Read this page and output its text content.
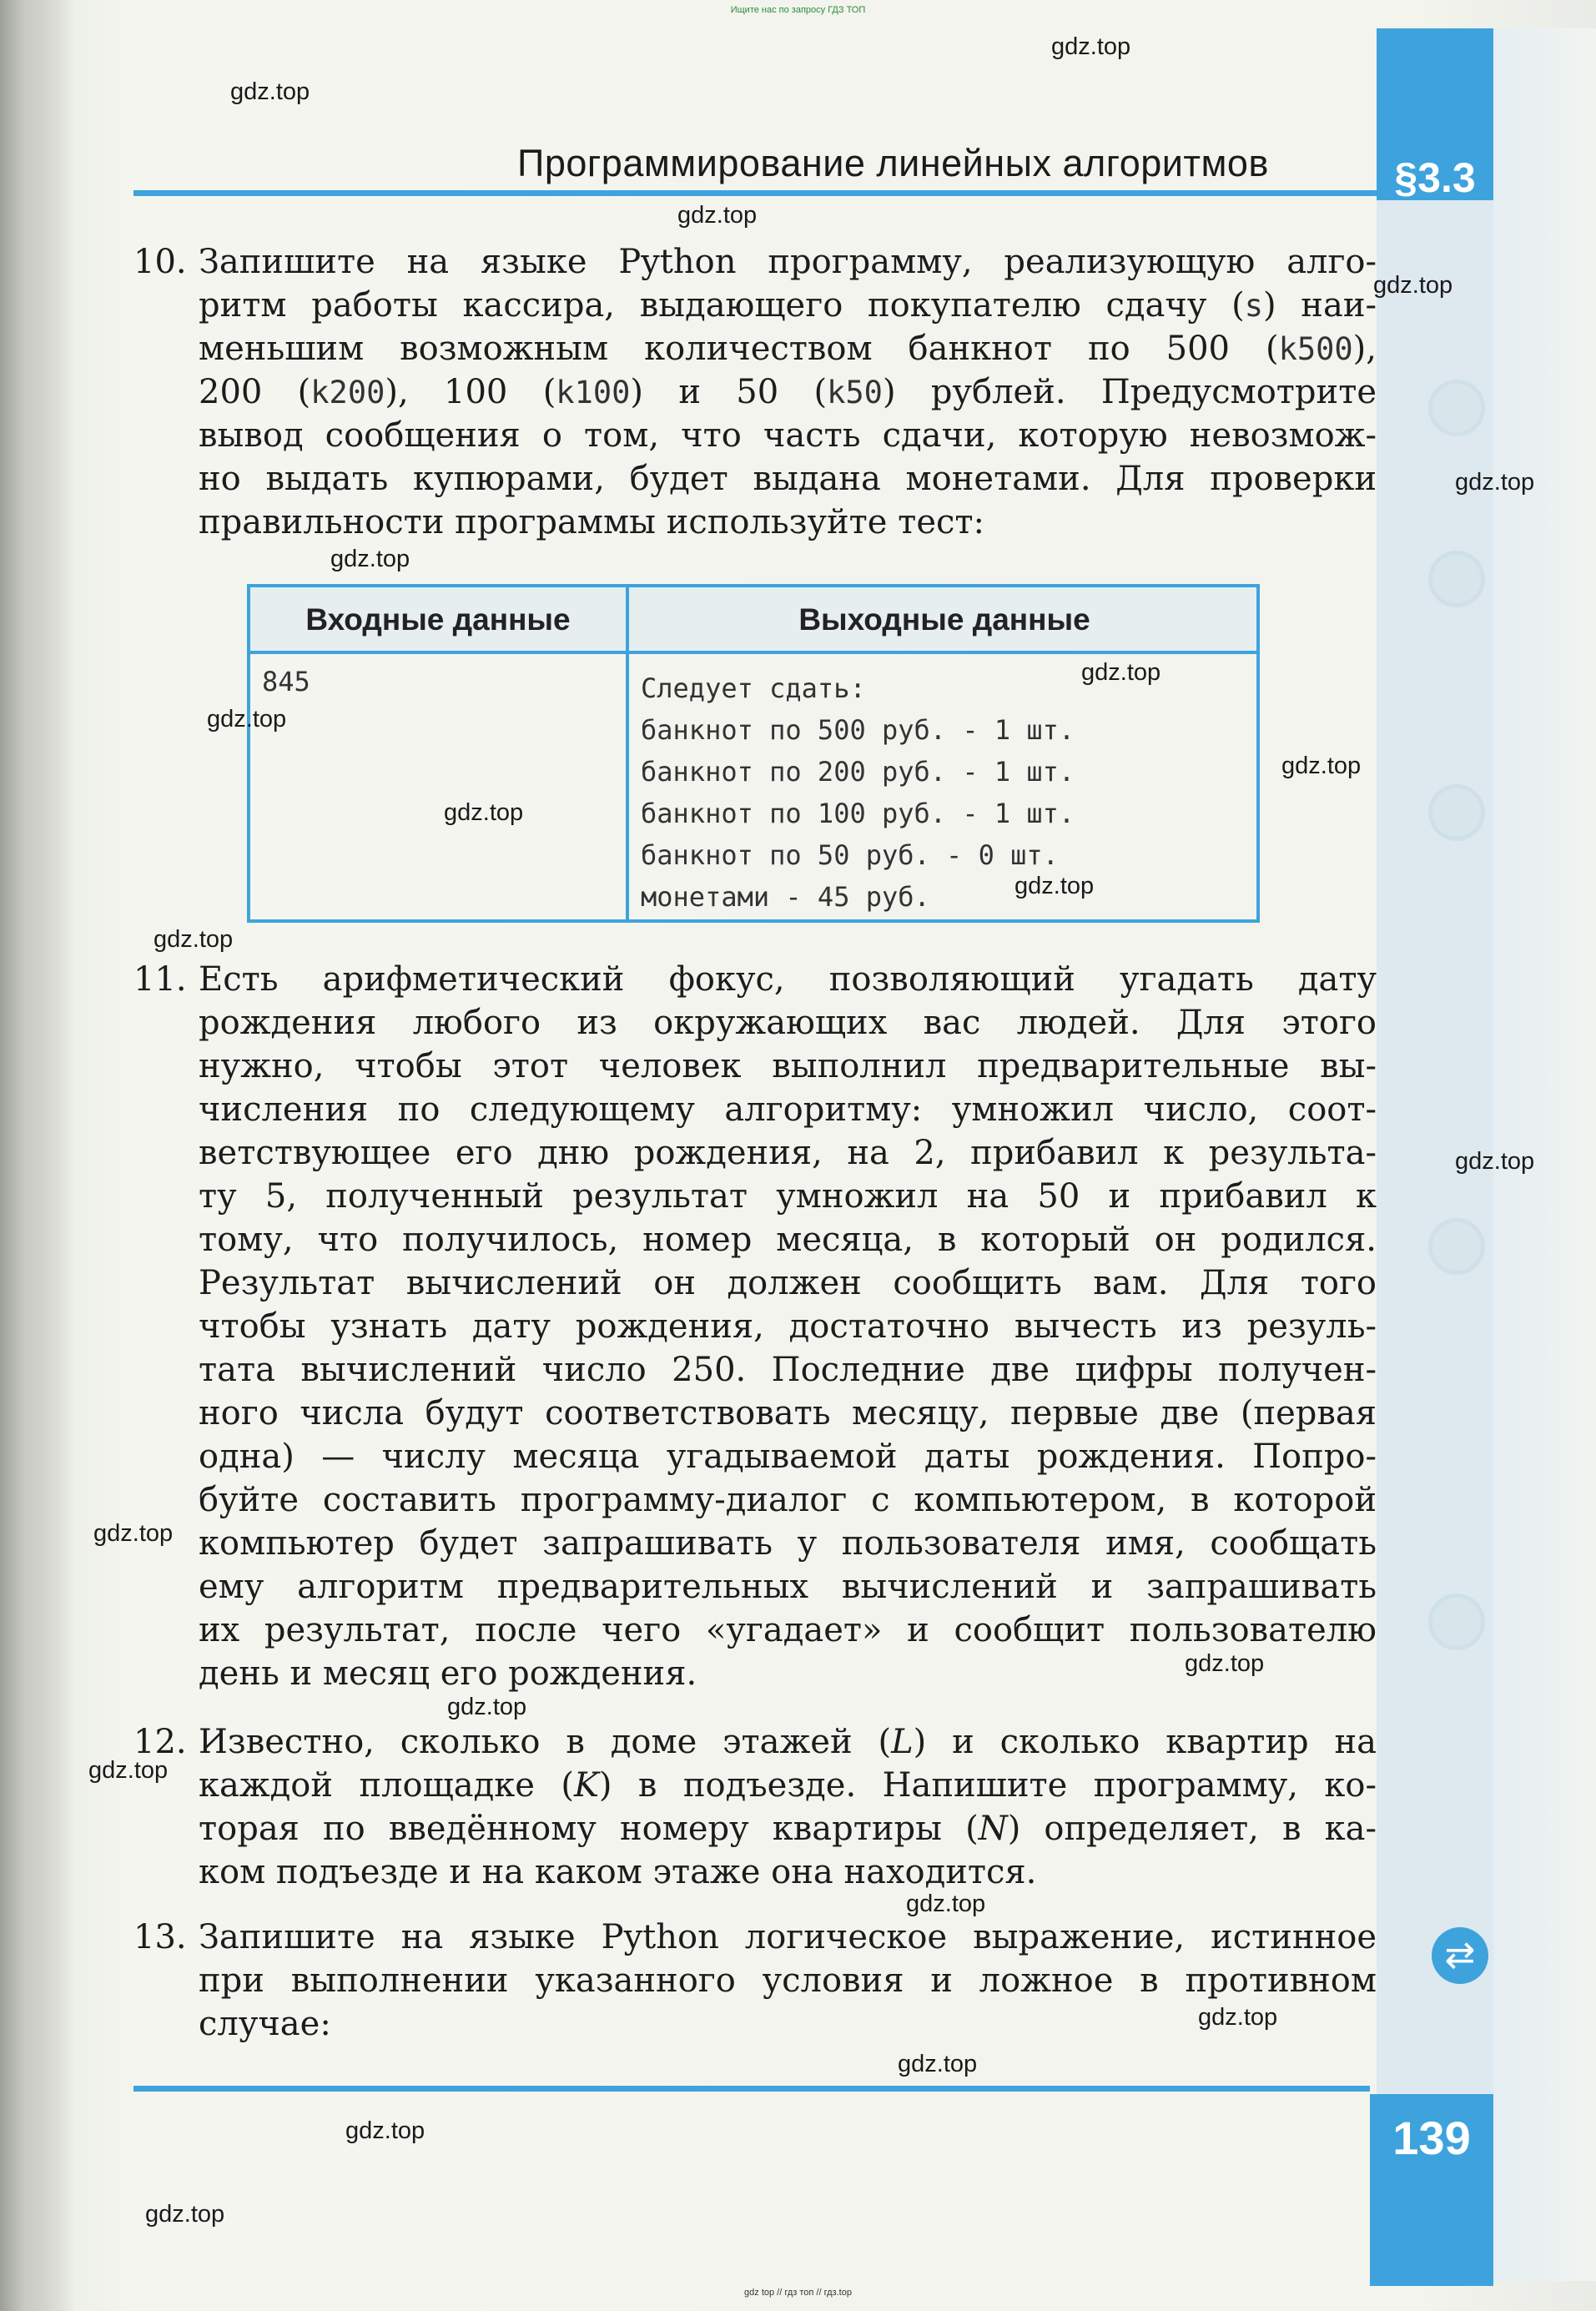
Ищите нас по запросу ГДЗ ТОП
§3.3
Программирование линейных алгоритмов
10. Запишите на языке Python программу, реализующую алго-
ритм работы кассира, выдающего покупателю сдачу (s) наи-
меньшим возможным количеством банкнот по 500 (k500),
200 (k200), 100 (k100) и 50 (k50) рублей. Предусмотрите
вывод сообщения о том, что часть сдачи, которую невозмож-
но выдать купюрами, будет выдана монетами. Для проверки
правильности программы используйте тест:
Входные данные	Выходные данные
845	Следует сдать:
банкнот по 500 руб. - 1 шт.
банкнот по 200 руб. - 1 шт.
банкнот по 100 руб. - 1 шт.
банкнот по 50 руб. - 0 шт.
монетами - 45 руб.
11. Есть арифметический фокус, позволяющий угадать дату
рождения любого из окружающих вас людей. Для этого
нужно, чтобы этот человек выполнил предварительные вы-
числения по следующему алгоритму: умножил число, соот-
ветствующее его дню рождения, на 2, прибавил к результа-
ту 5, полученный результат умножил на 50 и прибавил к
тому, что получилось, номер месяца, в который он родился.
Результат вычислений он должен сообщить вам. Для того
чтобы узнать дату рождения, достаточно вычесть из резуль-
тата вычислений число 250. Последние две цифры получен-
ного числа будут соответствовать месяцу, первые две (первая
одна) — числу месяца угадываемой даты рождения. Попро-
буйте составить программу-диалог с компьютером, в которой
компьютер будет запрашивать у пользователя имя, сообщать
ему алгоритм предварительных вычислений и запрашивать
их результат, после чего «угадает» и сообщит пользователю
день и месяц его рождения.
12. Известно, сколько в доме этажей (L) и сколько квартир на
каждой площадке (K) в подъезде. Напишите программу, ко-
торая по введённому номеру квартиры (N) определяет, в ка-
ком подъезде и на каком этаже она находится.
13. Запишите на языке Python логическое выражение, истинное
при выполнении указанного условия и ложное в противном
случае:
⇄
139
gdz.top
gdz.top
gdz.top
gdz.top
gdz.top
gdz.top
gdz.top
gdz.top
gdz.top
gdz.top
gdz.top
gdz.top
gdz.top
gdz.top
gdz.top
gdz.top
gdz.top
gdz.top
gdz.top
gdz.top
gdz.top
gdz.top
gdz top // гдз топ // гдз.top
